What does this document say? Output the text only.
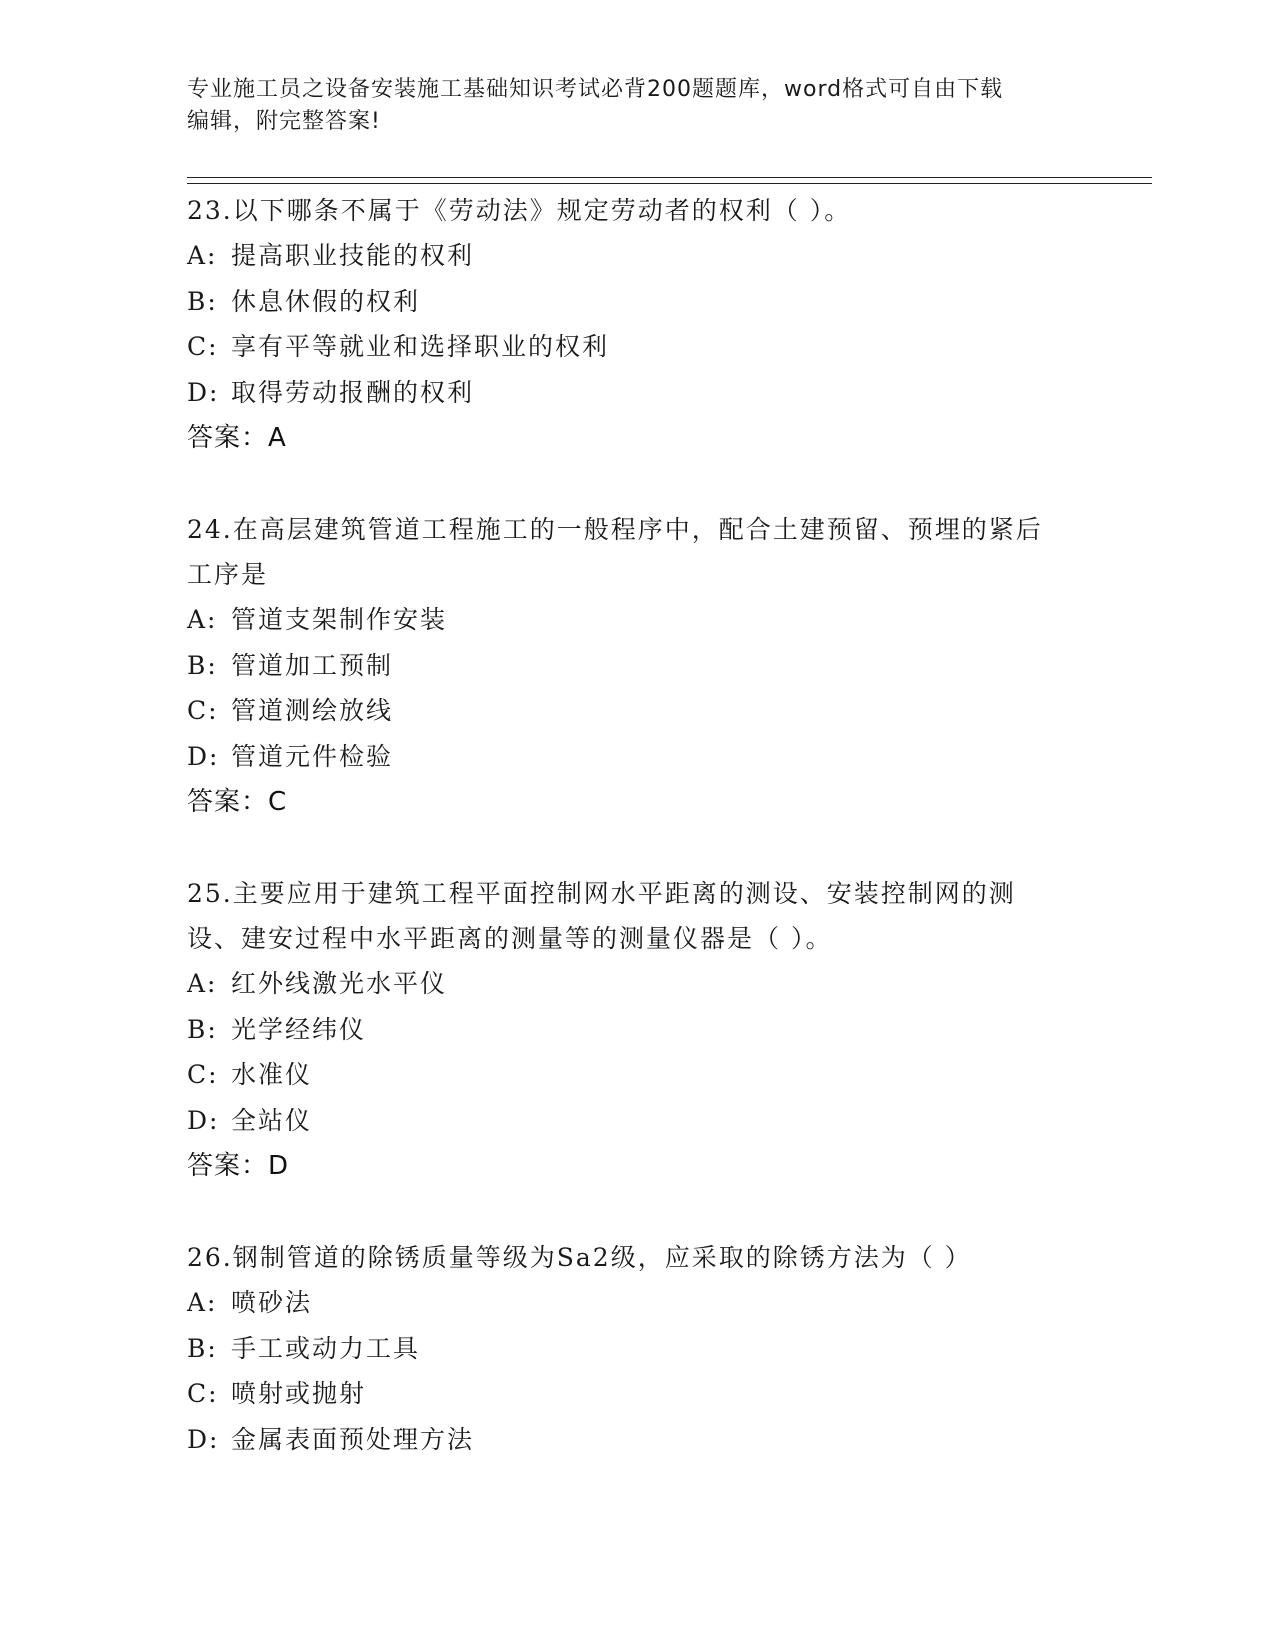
专业施工员之设备安装施工基础知识考试必背200题题库，word格式可自由下载
编辑，附完整答案!
23.以下哪条不属于《劳动法》规定劳动者的权利（ ）。
A: 提高职业技能的权利
B: 休息休假的权利
C: 享有平等就业和选择职业的权利
D: 取得劳动报酬的权利
答案：A
24.在高层建筑管道工程施工的一般程序中，配合土建预留、预埋的紧后工序是
A: 管道支架制作安装
B: 管道加工预制
C: 管道测绘放线
D: 管道元件检验
答案：C
25.主要应用于建筑工程平面控制网水平距离的测设、安装控制网的测设、建安过程中水平距离的测量等的测量仪器是（ ）。
A: 红外线激光水平仪
B: 光学经纬仪
C: 水准仪
D: 全站仪
答案：D
26.钢制管道的除锈质量等级为Sa2级，应采取的除锈方法为（ ）
A: 喷砂法
B: 手工或动力工具
C: 喷射或抛射
D: 金属表面预处理方法
